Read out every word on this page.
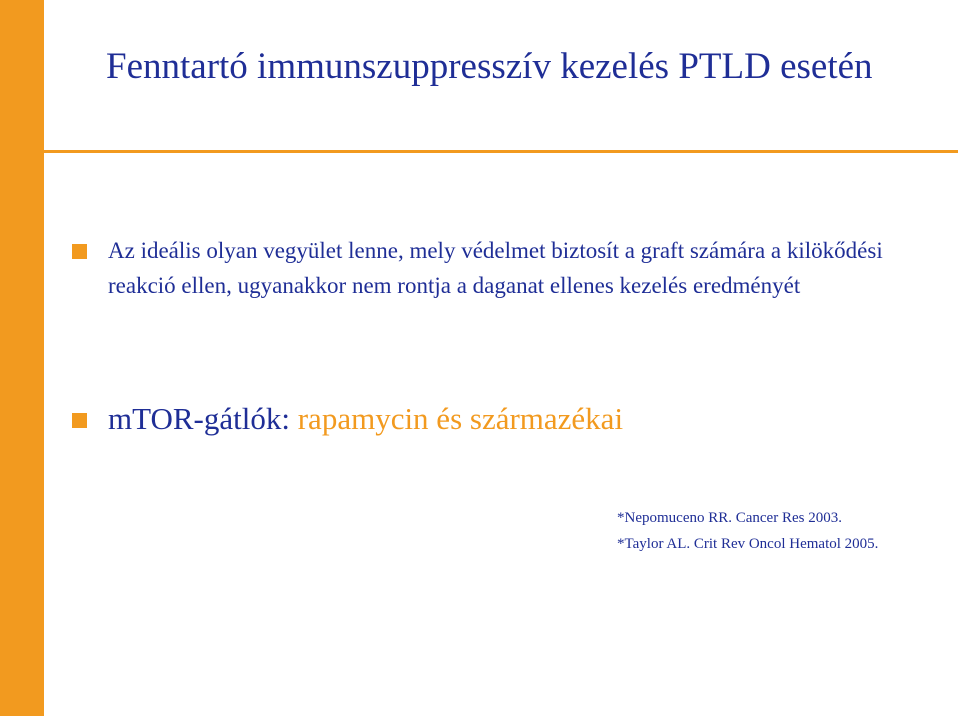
Fenntartó immunszuppresszív kezelés PTLD esetén
Az ideális olyan vegyület lenne, mely védelmet biztosít a graft számára a kilökődési reakció ellen, ugyanakkor nem rontja a daganat ellenes kezelés eredményét
mTOR-gátlók: rapamycin és származékai
*Nepomuceno RR. Cancer Res 2003.
*Taylor AL. Crit Rev Oncol Hematol 2005.
